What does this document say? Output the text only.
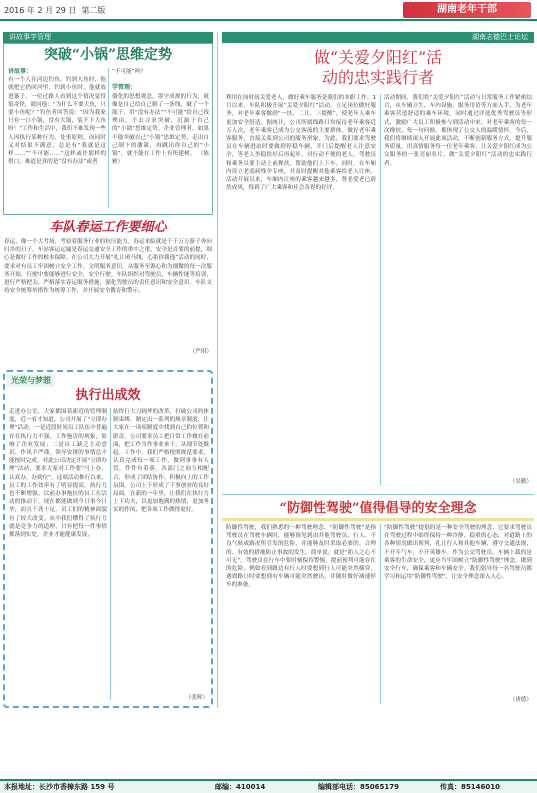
2016 年 2 月 29 日 第二版	湖南老年干部
讲故事学管理
突破“小锅”思维定势
讲故事：
有一个人在河边钓鱼，钓到大鱼时，他就把它扔回河里，钓到小鱼时，他就放进篓子。一位过路人看到这个情况觉得很奇怪，就问他：“为什么不要大鱼，只要小鱼呢？”钓鱼者回答说：“因为我家只有一口小锅，没有大锅，装不下大鱼呀！”工作和生活中，我们不难发现一些人因执行某种行为、处事原则，而同时又对结果不满意。总是有“我就是这样……”“不可能……”这样或许那样的借口，难道是真的是“没有办法”或者
“不可能”吗？

学管理：
僵化的思想观念，墨守成规的行为，就像是自己给自己制了一条线，破了一个瓶子，用“没有办法”“不可能”给自己找理由，不去寻求突破，沉湎于自己的“小锅”思维定势。企业管理者，如果不能突破自己“小锅”思维定势，走出自己制下的藩篱，再跳出你自己的“小锅”，就不能在工作上有所建树。 （陈雅）
车队春运工作要细心
春运，像一个大考场，考验着服务行业的抗压能力。春运来临就是千千万万游子奔向归乡的日子，车站客运运输是春运交通安全工作的重中之重，安全是首要的前提，细心是做好工作的根本保障。在公司大力开展“礼让斑马线，心系你我他”活动的同时，要求对有员工牢固树立安全工作、文明服务意识，从服务至源心和为细微的每一次服务开始，行驶中要能够进行安全，安全行驶。车队组织对驾驶员，车辆性能等培训，进行严格把关，严格落实春运服务措施，强化驾驶员的责任意识和安全意识。车队支持安全统筹举措作为统筹工作，并开展安全教育和警示。
（严琪）
光荣与梦想
执行出成效
走进办公室，大家都围着新近的管理制度，近一看才知道，公司开展了“立即办理”活动。一是近段时间员工队伍中普遍存在执行力不强、工作拖沓的现象，影响了企业发展；二是员工缺乏主动意识、作风不严谨，领导安排的事情总不能按时完成。对此公司决定开展“立即办理”活动，要求大家对工作要“马上办、认真办、办到位”。这项活动推行以来，员工的工作效率有了明显提高，执行力也不断增强。以前办事拖拉的员工在活动的推动下，现在都能做到今日事今日毕，而且干劲十足。员工们的精神面貌有了较大改变。从中我们懂得了执行力就是竞争力的道理，只有把每一件事情都落到实处，企业才能健康发展，
始终行大刀阔斧的改革，打破公司的体制束缚，制定出一系列的规章制度，让大家在一项项制度中找到自己的位置和职责。公司要求员工把日常工作做在前面，把工作当作事业来干，从细节处做起。工作中，我们严格按照规范要求，认真完成每一项工作，做到事事有人管，件件有着落，各部门之间互相配合，形成了团结协作、积极向上的工作氛围。公司上下形成了干事创业的良好局面。在新的一年里，让我们在执行力上下功夫，以更加饱满的热情、更加务实的作风，把各项工作做得更好。
（张辉）
湖南志德巴士论坛
做“关爱夕阳红”活
动的忠实践行者
利用在岗时间关爱老人，做好乘车服务是我们的本职工作。1月以来，车队积极开展“关爱夕阳红”活动，立足岗位做好服务，对老年乘客做到“一扶、二让、三提醒”，使老年人乘车更加安全舒适。据统计，公司所属线路日均接待老年乘客近万人次，老年乘客已成为公交客流的主要群体。做好老年乘客服务，直接关系到公司的服务形象。为此，我们要求驾驶员在车辆进站时要做到停稳车辆，开门后提醒老人注意安全，等老人坐稳扶好后再起步。对行动不便的老人，驾驶员和乘务员要主动上前搀扶，帮助他们上下车。同时，在车厢内设立老弱病残孕专座，并及时提醒其他乘客给老人让座。活动开展以来，车厢内让座的乘客越来越多，尊老爱老已蔚然成风，得到了广大乘客和社会各界的好评。
活动期间，我们将“关爱夕阳红”活动与日常服务工作紧密结合，从车辆卫生、车内设施、服务用语等方面入手，为老年乘客营造舒适的乘车环境。同时通过评选优秀驾驶员等形式，激励广大员工积极参与到活动中来。对老年乘客的每一次搀扶、每一句问候，都体现了公交人的温暖情怀。今后，我们将继续深入开展此项活动，不断创新服务方式，提升服务质量，用真情服务每一位老年乘客，让关爱夕阳红成为公交服务的一张亮丽名片，做“关爱夕阳红”活动的忠实践行者。
（吴勤）
“防御性驾驶”值得倡导的安全理念
防御性驾驶，我们熟悉的一种驾驶理念。“防御性驾驶”是指驾驶员在驾驶车辆时，能够预见到由其他驾驶员、行人、不良气候或路况所引发的危险，并能够及时采取必要的、合理的、有效的措施防止事故的发生。简单说，就是“防人之心不可无”。驾驶员在行车中要时刻保持警惕，提前预判可能存在的危险，例如看到路边有行人时要想到行人可能突然横穿，遇到路口时要想到有车辆可能突然驶出，并随时做好减速停车的准备。
“防御性驾驶”提倡的是一种安全驾驶的理念，它要求驾驶员在驾驶过程中始终保持一种冷静、稳重的心态，对道路上的各种情况做出预判，礼让行人和其他车辆，遵守交通法规，不开斗气车，不开英雄车。作为公交驾驶员，车辆上载的是乘客的生命安全，更应当牢固树立“防御性驾驶”理念，做到安全行车，确保乘客和车辆安全。我们倡导每一名驾驶员都学习和运用“防御性驾驶”，让安全理念深入人心。
（唐德）
本报地址：长沙市香樟东路 159 号	邮编：410014	编辑部电话：85065179	传真：85146010
